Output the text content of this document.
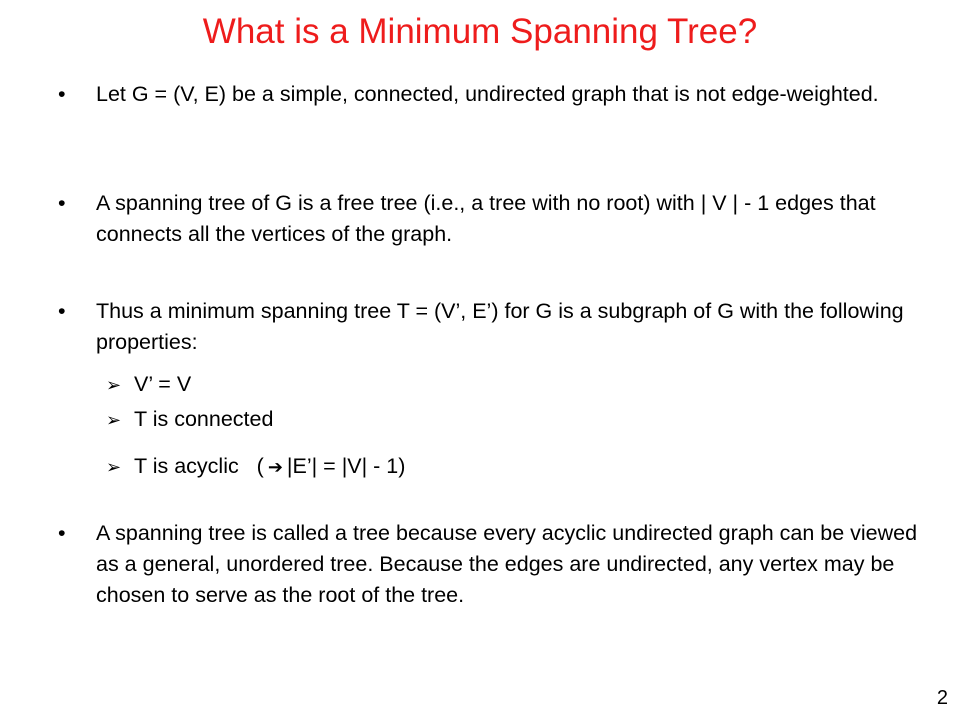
What is a Minimum Spanning Tree?
• Let G = (V, E) be a simple, connected, undirected graph that is not edge-weighted.
• A spanning tree of G is a free tree (i.e., a tree with no root) with | V | - 1 edges that connects all the vertices of the graph.
• Thus a minimum spanning tree T = (V’, E’) for G is a subgraph of G with the following properties:
➢ V’ = V
➢ T is connected
➢ T is acyclic   ( ➔ |E’| = |V| - 1)
• A spanning tree is called a tree because every acyclic undirected graph can be viewed as a general, unordered tree. Because the edges are undirected, any vertex may be chosen to serve as the root of the tree.
2
